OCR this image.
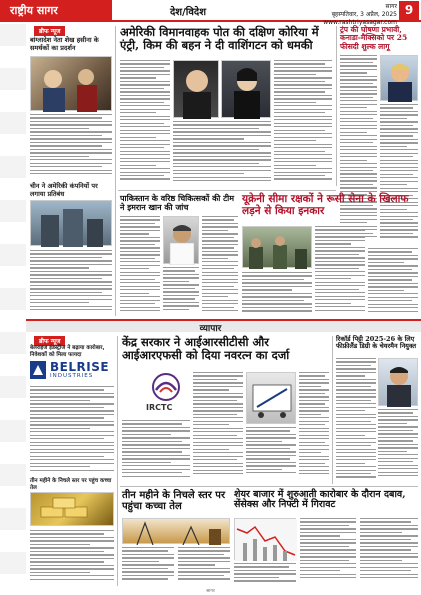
राष्ट्रीय सागर	देश/विदेश
सागर
बृहस्पतिवार, 3 अप्रैल, 2025
www.rashtriyasagar.com
9
ब्रीफ न्यूज
बांग्लादेश नेता शेख हसीना के समर्थकों का प्रदर्शन
चीन ने अमेरिकी कंपनियों पर लगाया प्रतिबंध
अमेरिकी विमानवाहक पोत की दक्षिण कोरिया में एंट्री, किम की बहन ने दी वाशिंगटन को धमकी
ट्रंप की घोषणा प्रभावी, कनाडा-मैक्सिको पर 25 फीसदी शुल्क लागू
पाकिस्तान के वरिष्ठ चिकित्सकों की टीम ने इमरान खान की जांच
यूक्रेनी सीमा रक्षकों ने रूसी सेना के खिलाफ लड़ने से किया इनकार
व्यापार
ब्रीफ न्यूज
बेलराइज इंडस्ट्रीज ने बढ़ाया कारोबार, निवेशकों को मिला फायदा
BELRISE
INDUSTRIES
तीन महीने के निचले स्तर पर पहुंच कच्चा तेल
केंद्र सरकार ने आईआरसीटीसी और आईआरएफसी को दिया नवरत्न का दर्जा
IRCTC
रिकॉर्ड पिट्टी 2025-26 के लिए फीफ्रीलैंड डिग्री के चेयरमैन नियुक्त
तीन महीने के निचले स्तर पर पहुंचा कच्चा तेल
शेयर बाजार में शुरुआती कारोबार के दौरान दबाव, सेंसेक्स और निफ्टी में गिरावट
सागर
